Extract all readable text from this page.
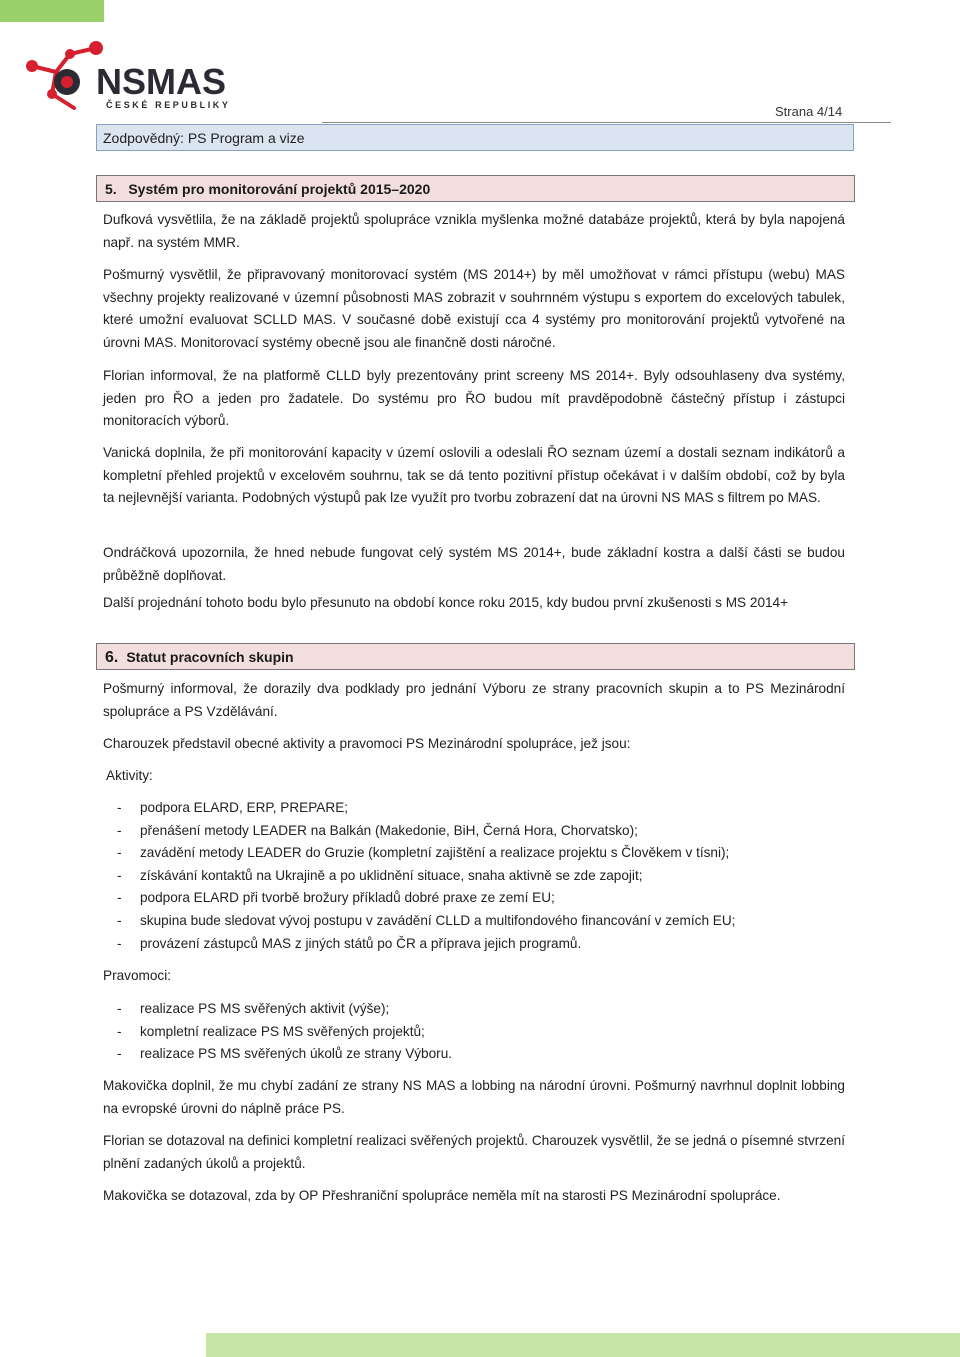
NSMAS
ČESKÉ REPUBLIKY	Strana 4/14
Zodpovědný: PS Program a vize
5.   Systém pro monitorování projektů 2015–2020

Dufková vysvětlila, že na základě projektů spolupráce vznikla myšlenka možné databáze projektů, která by byla napojená např. na systém MMR.

Pošmurný vysvětlil, že připravovaný monitorovací systém (MS 2014+) by měl umožňovat v rámci přístupu (webu) MAS všechny projekty realizované v územní působnosti MAS zobrazit v souhrnném výstupu s exportem do excelových tabulek, které umožní evaluovat SCLLD MAS. V současné době existují cca 4 systémy pro monitorování projektů vytvořené na úrovni MAS. Monitorovací systémy obecně jsou ale finančně dosti náročné.

Florian informoval, že na platformě CLLD byly prezentovány print screeny MS 2014+. Byly odsouhlaseny dva systémy, jeden pro ŘO a jeden pro žadatele. Do systému pro ŘO budou mít pravděpodobně částečný přístup i zástupci monitoracích výborů.

Vanická doplnila, že při monitorování kapacity v území oslovili a odeslali ŘO seznam území a dostali seznam indikátorů a kompletní přehled projektů v excelovém souhrnu, tak se dá tento pozitivní přístup očekávat i v dalším období, což by byla ta nejlevnější varianta. Podobných výstupů pak lze využít pro tvorbu zobrazení dat na úrovni NS MAS s filtrem po MAS.

Ondráčková upozornila, že hned nebude fungovat celý systém MS 2014+, bude základní kostra a další části se budou průběžně doplňovat.

Další projednání tohoto bodu bylo přesunuto na období konce roku 2015, kdy budou první zkušenosti s MS 2014+

6. Statut pracovních skupin

Pošmurný informoval, že dorazily dva podklady pro jednání Výboru ze strany pracovních skupin a to PS Mezinárodní spolupráce a PS Vzdělávání.

Charouzek představil obecné aktivity a pravomoci PS Mezinárodní spolupráce, jež jsou:

Aktivity:

- podpora ELARD, ERP, PREPARE;
- přenášení metody LEADER na Balkán (Makedonie, BiH, Černá Hora, Chorvatsko);
- zavádění metody LEADER do Gruzie (kompletní zajištění a realizace projektu s Člověkem v tísni);
- získávání kontaktů na Ukrajině a po uklidnění situace, snaha aktivně se zde zapojit;
- podpora ELARD při tvorbě brožury příkladů dobré praxe ze zemí EU;
- skupina bude sledovat vývoj postupu v zavádění CLLD a multifondového financování v zemích EU;
- provázení zástupců MAS z jiných států po ČR a příprava jejich programů.

Pravomoci:

- realizace PS MS svěřených aktivit (výše);
- kompletní realizace PS MS svěřených projektů;
- realizace PS MS svěřených úkolů ze strany Výboru.

Makovička doplnil, že mu chybí zadání ze strany NS MAS a lobbing na národní úrovni. Pošmurný navrhnul doplnit lobbing na evropské úrovni do náplně práce PS.

Florian se dotazoval na definici kompletní realizaci svěřených projektů. Charouzek vysvětlil, že se jedná o písemné stvrzení plnění zadaných úkolů a projektů.

Makovička se dotazoval, zda by OP Přeshraniční spolupráce neměla mít na starosti PS Mezinárodní spolupráce.
